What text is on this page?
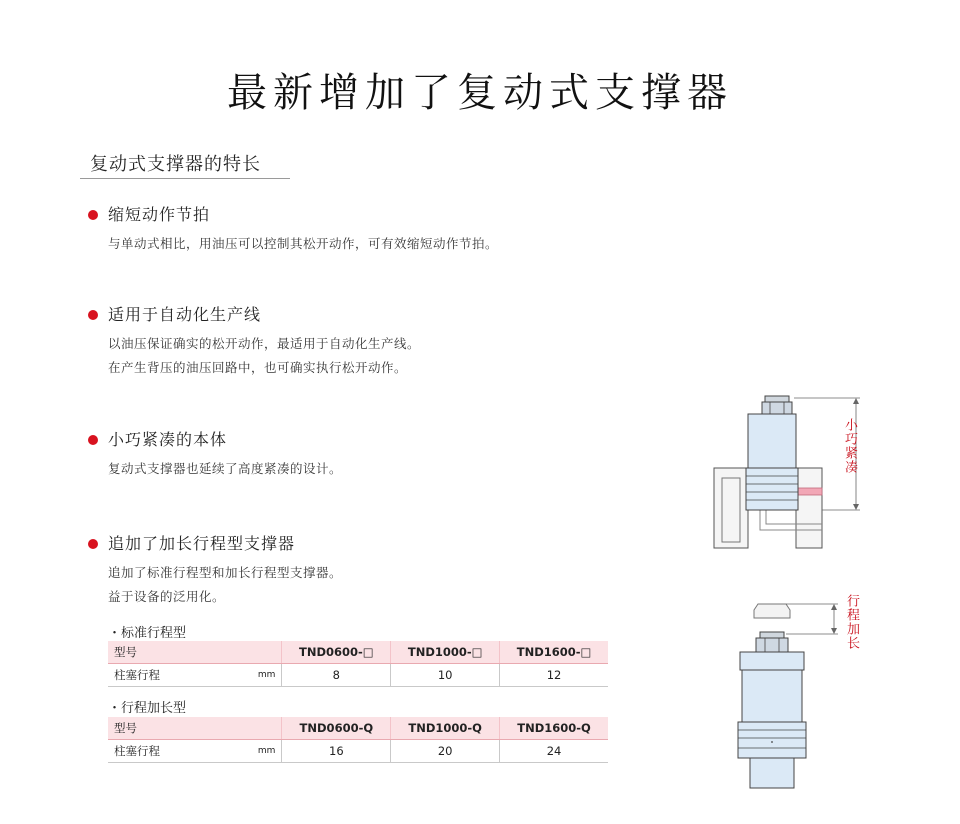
最新增加了复动式支撑器
复动式支撑器的特长
缩短动作节拍
与单动式相比，用油压可以控制其松开动作，可有效缩短动作节拍。
适用于自动化生产线
以油压保证确实的松开动作，最适用于自动化生产线。
在产生背压的油压回路中，也可确实执行松开动作。
小巧紧凑的本体
复动式支撑器也延续了高度紧凑的设计。
追加了加长行程型支撑器
追加了标准行程型和加长行程型支撑器。
益于设备的泛用化。
・标准行程型
型号		TND0600-□	TND1000-□	TND1600-□
柱塞行程	mm	8	10	12
・行程加长型
型号		TND0600-Q	TND1000-Q	TND1600-Q
柱塞行程	mm	16	20	24
小巧紧凑
行程加长
